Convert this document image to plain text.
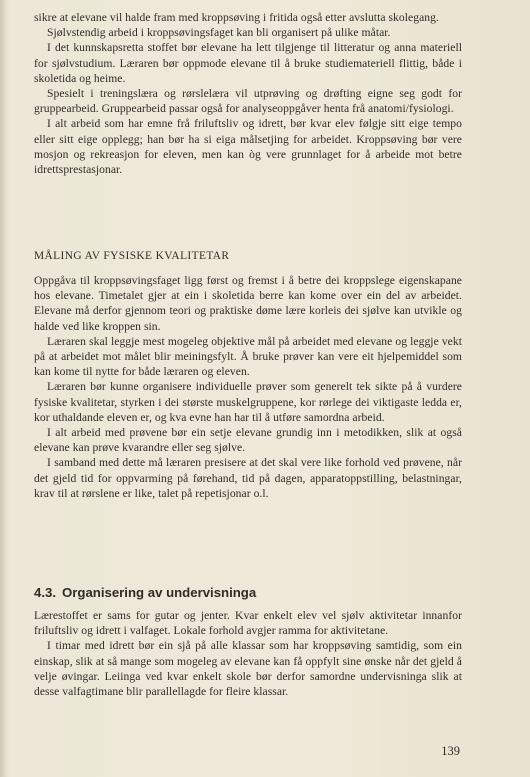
sikre at elevane vil halde fram med kroppsøving i fritida også etter avslutta skolegang.

Sjølvstendig arbeid i kroppsøvingsfaget kan bli organisert på ulike måtar.

I det kunnskapsretta stoffet bør elevane ha lett tilgjenge til litteratur og anna materiell for sjølvstudium. Læraren bør oppmode elevane til å bruke studiemateriell flittig, både i skoletida og heime.

Spesielt i treningslæra og rørslelæra vil utprøving og drøfting eigne seg godt for gruppearbeid. Gruppearbeid passar også for analyseoppgåver henta frå anatomi/fysiologi.

I alt arbeid som har emne frå friluftsliv og idrett, bør kvar elev følgje sitt eige tempo eller sitt eige opplegg; han bør ha si eiga målsetjing for arbeidet. Kroppsøving bør vere mosjon og rekreasjon for eleven, men kan òg vere grunnlaget for å arbeide mot betre idrettsprestasjonar.

MÅLING AV FYSISKE KVALITETAR

Oppgåva til kroppsøvingsfaget ligg først og fremst i å betre dei kroppslege eigenskapane hos elevane. Timetalet gjer at ein i skoletida berre kan kome over ein del av arbeidet. Elevane må derfor gjennom teori og praktiske døme lære korleis dei sjølve kan utvikle og halde ved like kroppen sin.

Læraren skal leggje mest mogeleg objektive mål på arbeidet med elevane og leggje vekt på at arbeidet mot målet blir meiningsfylt. Å bruke prøver kan vere eit hjelpemiddel som kan kome til nytte for både læraren og eleven.

Læraren bør kunne organisere individuelle prøver som generelt tek sikte på å vurdere fysiske kvalitetar, styrken i dei største muskelgruppene, kor rørlege dei viktigaste ledda er, kor uthaldande eleven er, og kva evne han har til å utføre samordna arbeid.

I alt arbeid med prøvene bør ein setje elevane grundig inn i metodikken, slik at også elevane kan prøve kvarandre eller seg sjølve.

I samband med dette må læraren presisere at det skal vere like forhold ved prøvene, når det gjeld tid for oppvarming på førehand, tid på dagen, apparatoppstilling, belastningar, krav til at rørslene er like, talet på repetisjonar o.l.

4.3. Organisering av undervisninga

Lærestoffet er sams for gutar og jenter. Kvar enkelt elev vel sjølv aktivitetar innanfor friluftsliv og idrett i valfaget. Lokale forhold avgjer ramma for aktivitetane.

I timar med idrett bør ein sjå på alle klassar som har kroppsøving samtidig, som ein einskap, slik at så mange som mogeleg av elevane kan få oppfylt sine ønske når det gjeld å velje øvingar. Leiinga ved kvar enkelt skole bør derfor samordne undervisninga slik at desse valfagtimane blir parallellagde for fleire klassar.

139
